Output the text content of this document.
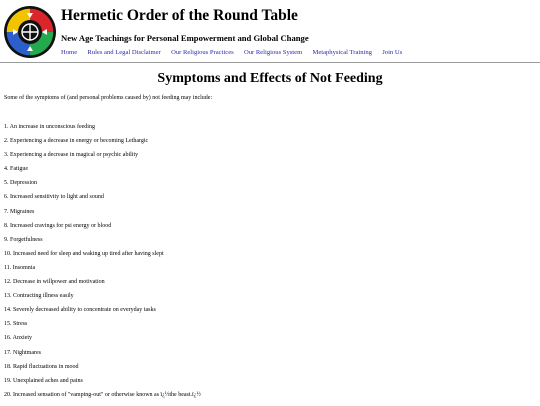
Hermetic Order of the Round Table

New Age Teachings for Personal Empowerment and Global Change

Home Rules and Legal Disclaimer Our Religious Practices Our Religious System Metaphysical Training Join Us
Symptoms and Effects of Not Feeding

Some of the symptoms of (and personal problems caused by) not feeding may include:

1. An increase in unconscious feeding
2. Experiencing a decrease in energy or becoming Lethargic
3. Experiencing a decrease in magical or psychic ability
4. Fatigue
5. Depression
6. Increased sensitivity to light and sound
7. Migraines
8. Increased cravings for psi energy or blood
9. Forgetfulness
10. Increased need for sleep and waking up tired after having slept
11. Insomnia
12. Decrease in willpower and motivation
13. Contracting illness easily
14. Severely decreased ability to concentrate on everyday tasks
15. Stress
16. Anxiety
17. Nightmares
18. Rapid fluctuations in mood
19. Unexplained aches and pains
20. Increased sensation of "vamping-out" or otherwise known as ï¿½the beast.ï¿½
